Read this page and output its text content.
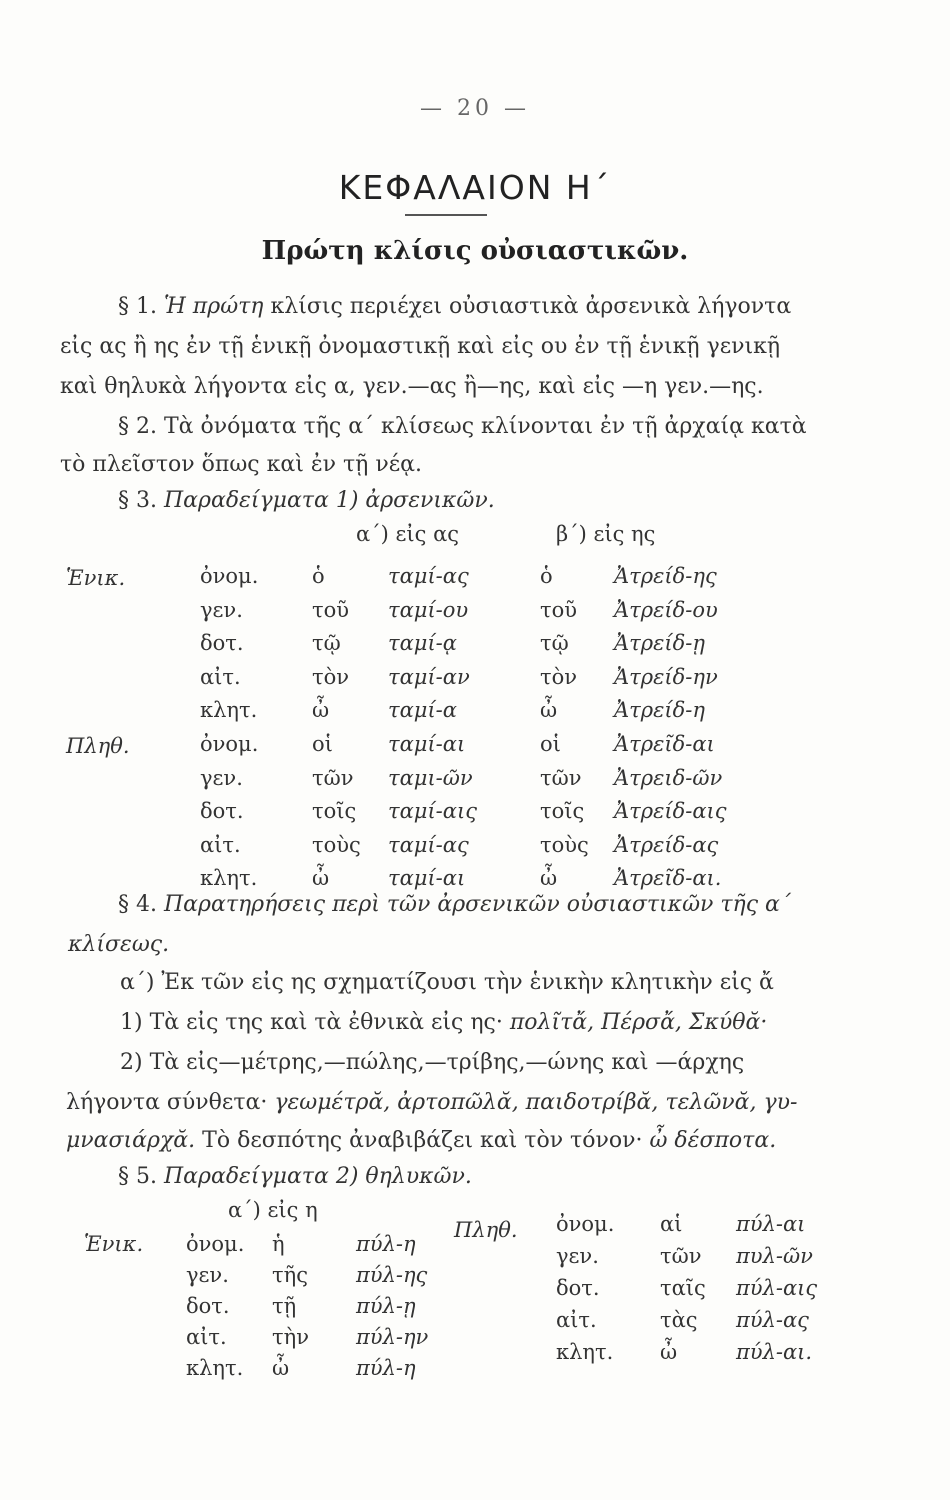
— 20 —
ΚΕΦΑΛΑΙΟΝ Η΄
Πρώτη κλίσις οὐσιαστικῶν.
§ 1. Ἡ πρώτη κλίσις περιέχει οὐσιαστικὰ ἀρσενικὰ λήγοντα
εἰς ας ἢ ης ἐν τῇ ἑνικῇ ὀνομαστικῇ καὶ εἰς ου ἐν τῇ ἑνικῇ γενικῇ
καὶ θηλυκὰ λήγοντα εἰς α, γεν.—ας ἢ—ης, καὶ εἰς —η γεν.—ης.
§ 2. Τὰ ὀνόματα τῆς α΄ κλίσεως κλίνονται ἐν τῇ ἀρχαίᾳ κατὰ
τὸ πλεῖστον ὅπως καὶ ἐν τῇ νέᾳ.
§ 3. Παραδείγματα 1) ἀρσενικῶν.
α΄) εἰς ας	β΄) εἰς ης
Ἑνικ.
Πληθ.
ὀνομ.	ὁ	ταμί-ας	ὁ	Ἀτρείδ-ης
γεν.	τοῦ ταμί-ου	τοῦ Ἀτρείδ-ου
δοτ.	τῷ ταμί-ᾳ	τῷ Ἀτρείδ-ῃ
αἰτ.	τὸν ταμί-αν	τὸν Ἀτρείδ-ην
κλητ.	ὦ	ταμί-α	ὦ	Ἀτρείδ-η
ὀνομ.	οἱ	ταμί-αι	οἱ	Ἀτρεῖδ-αι
γεν.	τῶν ταμι-ῶν	τῶν Ἀτρειδ-ῶν
δοτ.	τοῖς ταμί-αις	τοῖς Ἀτρείδ-αις
αἰτ.	τοὺς ταμί-ας	τοὺς Ἀτρείδ-ας
κλητ.	ὦ	ταμί-αι	ὦ	Ἀτρεῖδ-αι.
§ 4. Παρατηρήσεις περὶ τῶν ἀρσενικῶν οὐσιαστικῶν τῆς α΄
κλίσεως.
α΄) Ἐκ τῶν εἰς ης σχηματίζουσι τὴν ἑνικὴν κλητικὴν εἰς ἄ
1) Τὰ εἰς της καὶ τὰ ἐθνικὰ εἰς ης· πολῖτἄ, Πέρσἄ, Σκύθᾰ·
2) Τὰ εἰς—μέτρης,—πώλης,—τρίβης,—ώνης καὶ —άρχης
λήγοντα σύνθετα· γεωμέτρᾰ, ἀρτοπῶλᾰ, παιδοτρίβᾰ, τελῶνᾰ, γυ-
μνασιάρχᾰ. Τὸ δεσπότης ἀναβιβάζει καὶ τὸν τόνον· ὦ δέσποτα.
§ 5. Παραδείγματα 2) θηλυκῶν.
α΄) εἰς η
Ἑνικ.
Πληθ.
ὀνομ. ἡ	πύλ-η
γεν. τῆς πύλ-ης
δοτ. τῇ	πύλ-ῃ
αἰτ. τὴν πύλ-ην
κλητ. ὦ	πύλ-η
ὀνομ. αἱ	πύλ-αι
γεν.	τῶν πυλ-ῶν
δοτ.	ταῖς πύλ-αις
αἰτ.	τὰς πύλ-ας
κλητ. ὦ	πύλ-αι.
